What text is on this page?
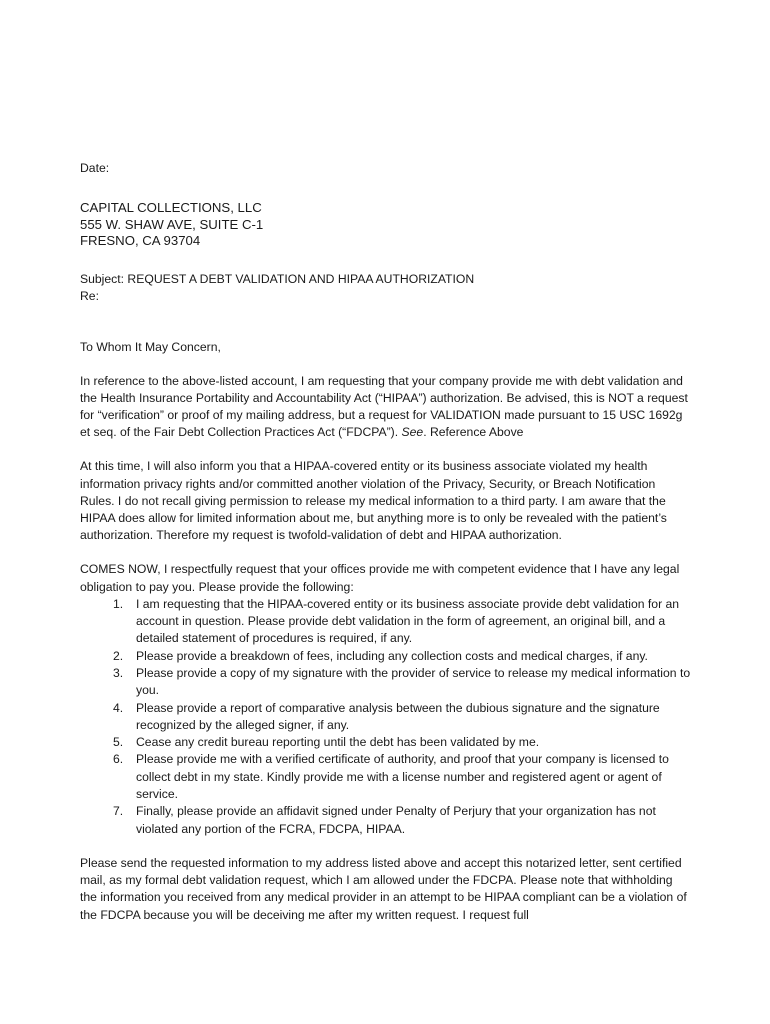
Date:

CAPITAL COLLECTIONS, LLC

555 W. SHAW AVE, SUITE C-1

FRESNO, CA 93704

Subject: REQUEST A DEBT VALIDATION AND HIPAA AUTHORIZATION

Re:

To Whom It May Concern,

In reference to the above-listed account, I am requesting that your company provide me with debt validation and the Health Insurance Portability and Accountability Act (“HIPAA”) authorization. Be advised, this is NOT a request for “verification” or proof of my mailing address, but a request for VALIDATION made pursuant to 15 USC 1692g et seq. of the Fair Debt Collection Practices Act (“FDCPA”). See. Reference Above

At this time, I will also inform you that a HIPAA-covered entity or its business associate violated my health information privacy rights and/or committed another violation of the Privacy, Security, or Breach Notification Rules. I do not recall giving permission to release my medical information to a third party. I am aware that the HIPAA does allow for limited information about me, but anything more is to only be revealed with the patient’s authorization. Therefore my request is twofold-validation of debt and HIPAA authorization.

COMES NOW, I respectfully request that your offices provide me with competent evidence that I have any legal obligation to pay you. Please provide the following:

1. I am requesting that the HIPAA-covered entity or its business associate provide debt validation for an account in question. Please provide debt validation in the form of agreement, an original bill, and a detailed statement of procedures is required, if any.
2. Please provide a breakdown of fees, including any collection costs and medical charges, if any.
3. Please provide a copy of my signature with the provider of service to release my medical information to you.
4. Please provide a report of comparative analysis between the dubious signature and the signature recognized by the alleged signer, if any.
5. Cease any credit bureau reporting until the debt has been validated by me.
6. Please provide me with a verified certificate of authority, and proof that your company is licensed to collect debt in my state. Kindly provide me with a license number and registered agent or agent of service.
7. Finally, please provide an affidavit signed under Penalty of Perjury that your organization has not violated any portion of the FCRA, FDCPA, HIPAA.

Please send the requested information to my address listed above and accept this notarized letter, sent certified mail, as my formal debt validation request, which I am allowed under the FDCPA. Please note that withholding the information you received from any medical provider in an attempt to be HIPAA compliant can be a violation of the FDCPA because you will be deceiving me after my written request. I request full
